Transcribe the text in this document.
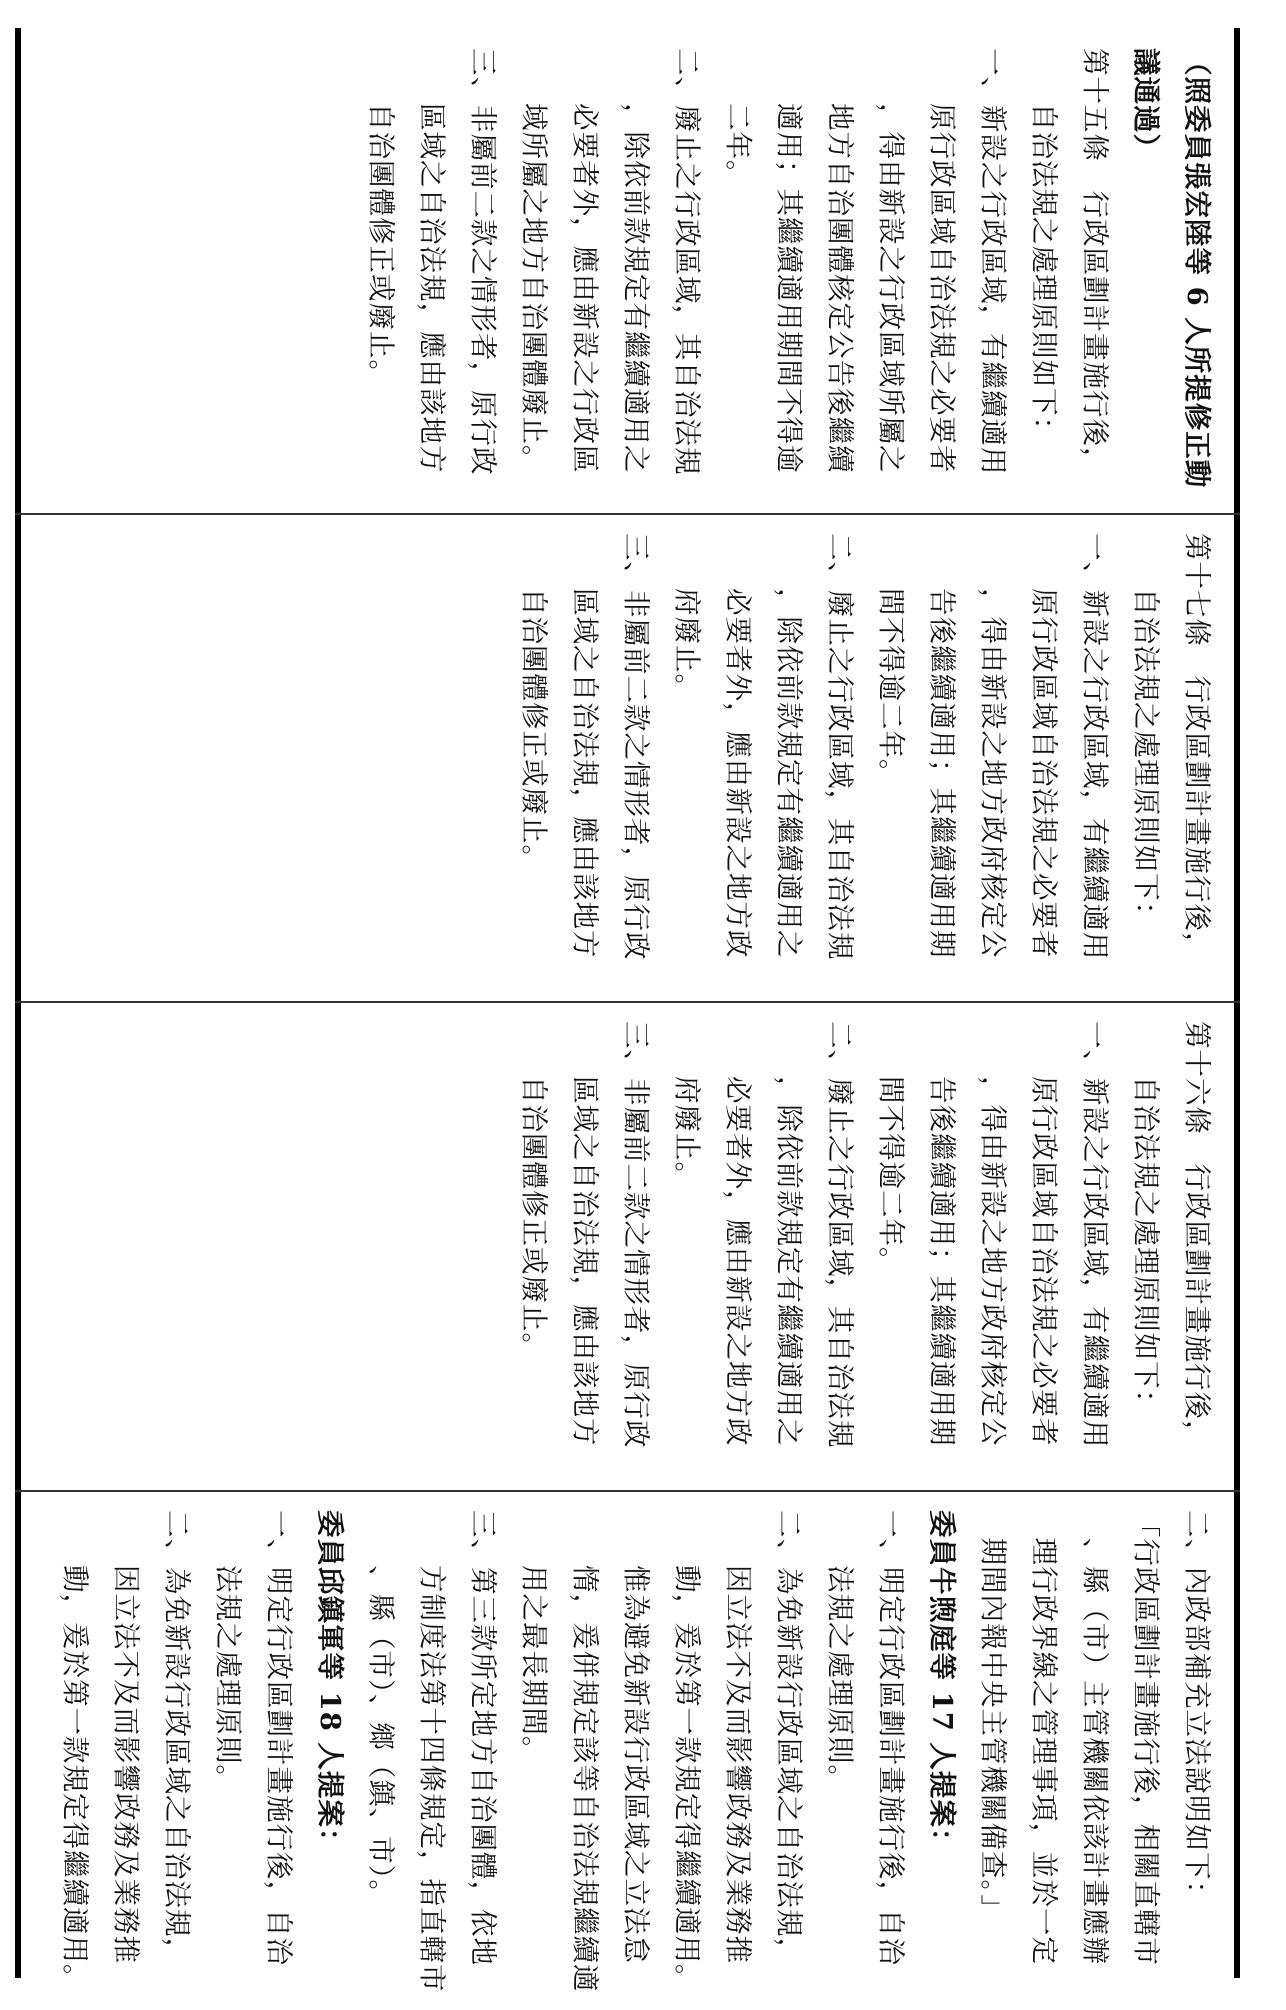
（照委員張宏陸等 6 人所提修正動
議通過）
第十五條　行政區劃計畫施行後，
自治法規之處理原則如下：
一、新設之行政區域，有繼續適用
原行政區域自治法規之必要者
，得由新設之行政區域所屬之
地方自治團體核定公告後繼續
適用；其繼續適用期間不得逾
二年。
二、廢止之行政區域，其自治法規
，除依前款規定有繼續適用之
必要者外，應由新設之行政區
域所屬之地方自治團體廢止。
三、非屬前二款之情形者，原行政
區域之自治法規，應由該地方
自治團體修正或廢止。
第十七條　行政區劃計畫施行後，
自治法規之處理原則如下：
一、新設之行政區域，有繼續適用
原行政區域自治法規之必要者
，得由新設之地方政府核定公
告後繼續適用；其繼續適用期
間不得逾二年。
二、廢止之行政區域，其自治法規
，除依前款規定有繼續適用之
必要者外，應由新設之地方政
府廢止。
三、非屬前二款之情形者，原行政
區域之自治法規，應由該地方
自治團體修正或廢止。
第十六條　行政區劃計畫施行後，
自治法規之處理原則如下：
一、新設之行政區域，有繼續適用
原行政區域自治法規之必要者
，得由新設之地方政府核定公
告後繼續適用；其繼續適用期
間不得逾二年。
二、廢止之行政區域，其自治法規
，除依前款規定有繼續適用之
必要者外，應由新設之地方政
府廢止。
三、非屬前二款之情形者，原行政
區域之自治法規，應由該地方
自治團體修正或廢止。
二、內政部補充立法說明如下：
「行政區劃計畫施行後，相關直轄市
、縣（市）主管機關依該計畫應辦
理行政界線之管理事項，並於一定
期間內報中央主管機關備查。」
委員牛煦庭等 17 人提案：
一、明定行政區劃計畫施行後，自治
法規之處理原則。
二、為免新設行政區域之自治法規，
因立法不及而影響政務及業務推
動，爰於第一款規定得繼續適用。
惟為避免新設行政區域之立法怠
惰，爰併規定該等自治法規繼續適
用之最長期間。
三、第三款所定地方自治團體，依地
方制度法第十四條規定，指直轄市
、縣（市）、鄉（鎮、市）。
委員邱鎮軍等 18 人提案：
一、明定行政區劃計畫施行後，自治
法規之處理原則。
二、為免新設行政區域之自治法規，
因立法不及而影響政務及業務推
動，爰於第一款規定得繼續適用。
